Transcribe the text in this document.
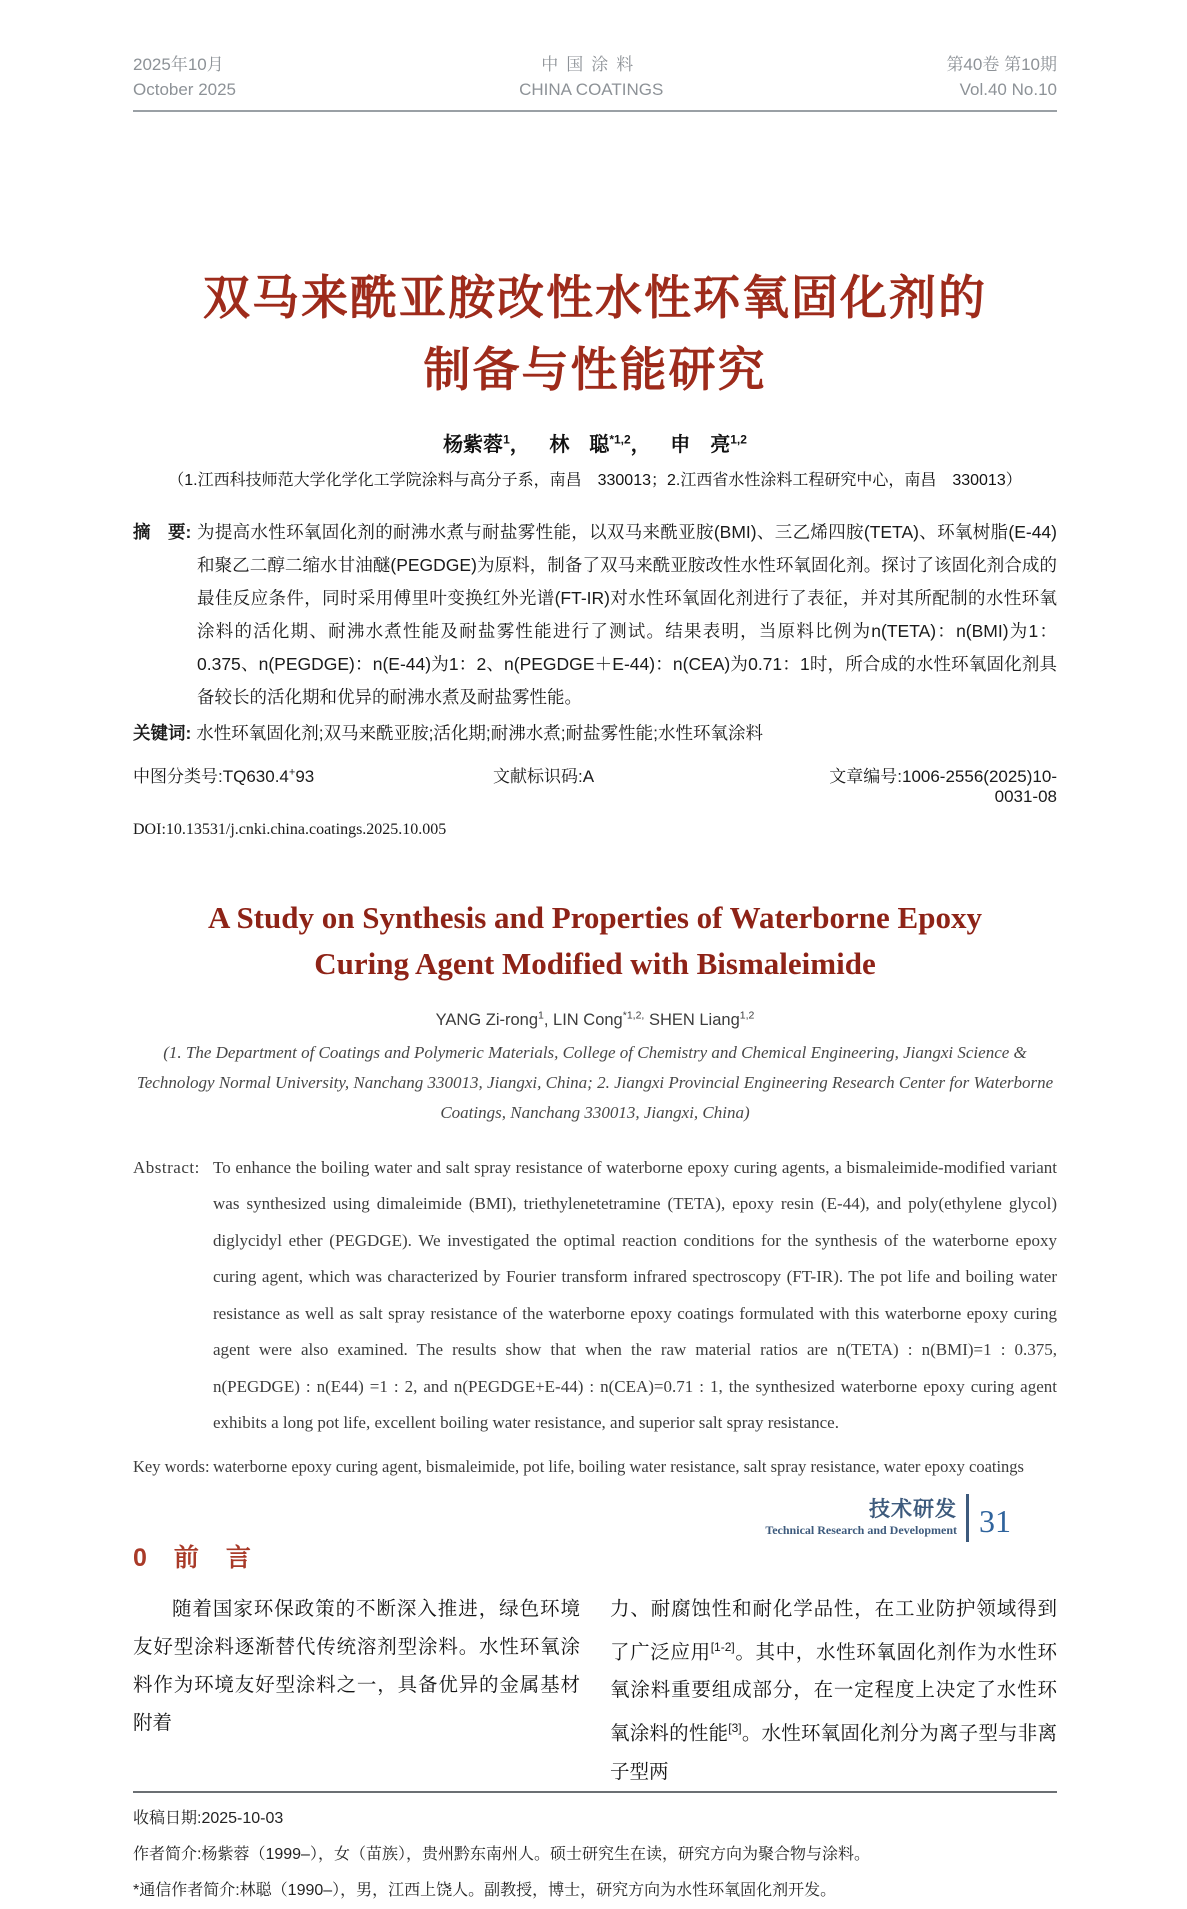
2025年10月
October 2025
中国涂料
CHINA COATINGS
第40卷 第10期
Vol.40 No.10
双马来酰亚胺改性水性环氧固化剂的
制备与性能研究
杨紫蓉$^1$， 林　聪$^{*1,2}$， 申　亮$^{1,2}$
（1.江西科技师范大学化学化工学院涂料与高分子系，南昌　330013；2.江西省水性涂料工程研究中心，南昌　330013）
摘　要: 为提高水性环氧固化剂的耐沸水煮与耐盐雾性能，以双马来酰亚胺(BMI)、三乙烯四胺(TETA)、环氧树脂(E-44)和聚乙二醇二缩水甘油醚(PEGDGE)为原料，制备了双马来酰亚胺改性水性环氧固化剂。探讨了该固化剂合成的最佳反应条件，同时采用傅里叶变换红外光谱(FT-IR)对水性环氧固化剂进行了表征，并对其所配制的水性环氧涂料的活化期、耐沸水煮性能及耐盐雾性能进行了测试。结果表明，当原料比例为n(TETA)：n(BMI)为1：0.375、n(PEGDGE)：n(E-44)为1：2、n(PEGDGE＋E-44)：n(CEA)为0.71：1时，所合成的水性环氧固化剂具备较长的活化期和优异的耐沸水煮及耐盐雾性能。
关键词: 水性环氧固化剂;双马来酰亚胺;活化期;耐沸水煮;耐盐雾性能;水性环氧涂料
中图分类号:TQ630.4+93	文献标识码:A	文章编号:1006-2556(2025)10-0031-08
DOI:10.13531/j.cnki.china.coatings.2025.10.005
A Study on Synthesis and Properties of Waterborne Epoxy
Curing Agent Modified with Bismaleimide
YANG Zi-rong$^1$, LIN Cong$^{*1,2,}$ SHEN Liang$^{1,2}$
(1. The Department of Coatings and Polymeric Materials, College of Chemistry and Chemical Engineering, Jiangxi Science & Technology Normal University, Nanchang 330013, Jiangxi, China; 2. Jiangxi Provincial Engineering Research Center for Waterborne Coatings, Nanchang 330013, Jiangxi, China)
Abstract: To enhance the boiling water and salt spray resistance of waterborne epoxy curing agents, a bismaleimide-modified variant was synthesized using dimaleimide (BMI), triethylenetetramine (TETA), epoxy resin (E-44), and poly(ethylene glycol) diglycidyl ether (PEGDGE). We investigated the optimal reaction conditions for the synthesis of the waterborne epoxy curing agent, which was characterized by Fourier transform infrared spectroscopy (FT-IR). The pot life and boiling water resistance as well as salt spray resistance of the waterborne epoxy coatings formulated with this waterborne epoxy curing agent were also examined. The results show that when the raw material ratios are n(TETA) : n(BMI)=1 : 0.375, n(PEGDGE) : n(E44) =1 : 2, and n(PEGDGE+E-44) : n(CEA)=0.71 : 1, the synthesized waterborne epoxy curing agent exhibits a long pot life, excellent boiling water resistance, and superior salt spray resistance.
Key words: waterborne epoxy curing agent, bismaleimide, pot life, boiling water resistance, salt spray resistance, water epoxy coatings
0　前　言
随着国家环保政策的不断深入推进，绿色环境友好型涂料逐渐替代传统溶剂型涂料。水性环氧涂料作为环境友好型涂料之一，具备优异的金属基材附着
力、耐腐蚀性和耐化学品性，在工业防护领域得到了广泛应用[1-2]。其中，水性环氧固化剂作为水性环氧涂料重要组成部分，在一定程度上决定了水性环氧涂料的性能[3]。水性环氧固化剂分为离子型与非离子型两
收稿日期:2025-10-03
作者简介:杨紫蓉（1999–），女（苗族），贵州黔东南州人。硕士研究生在读，研究方向为聚合物与涂料。
*通信作者简介:林聪（1990–），男，江西上饶人。副教授，博士，研究方向为水性环氧固化剂开发。
技术研发
Technical Research and Development 31
